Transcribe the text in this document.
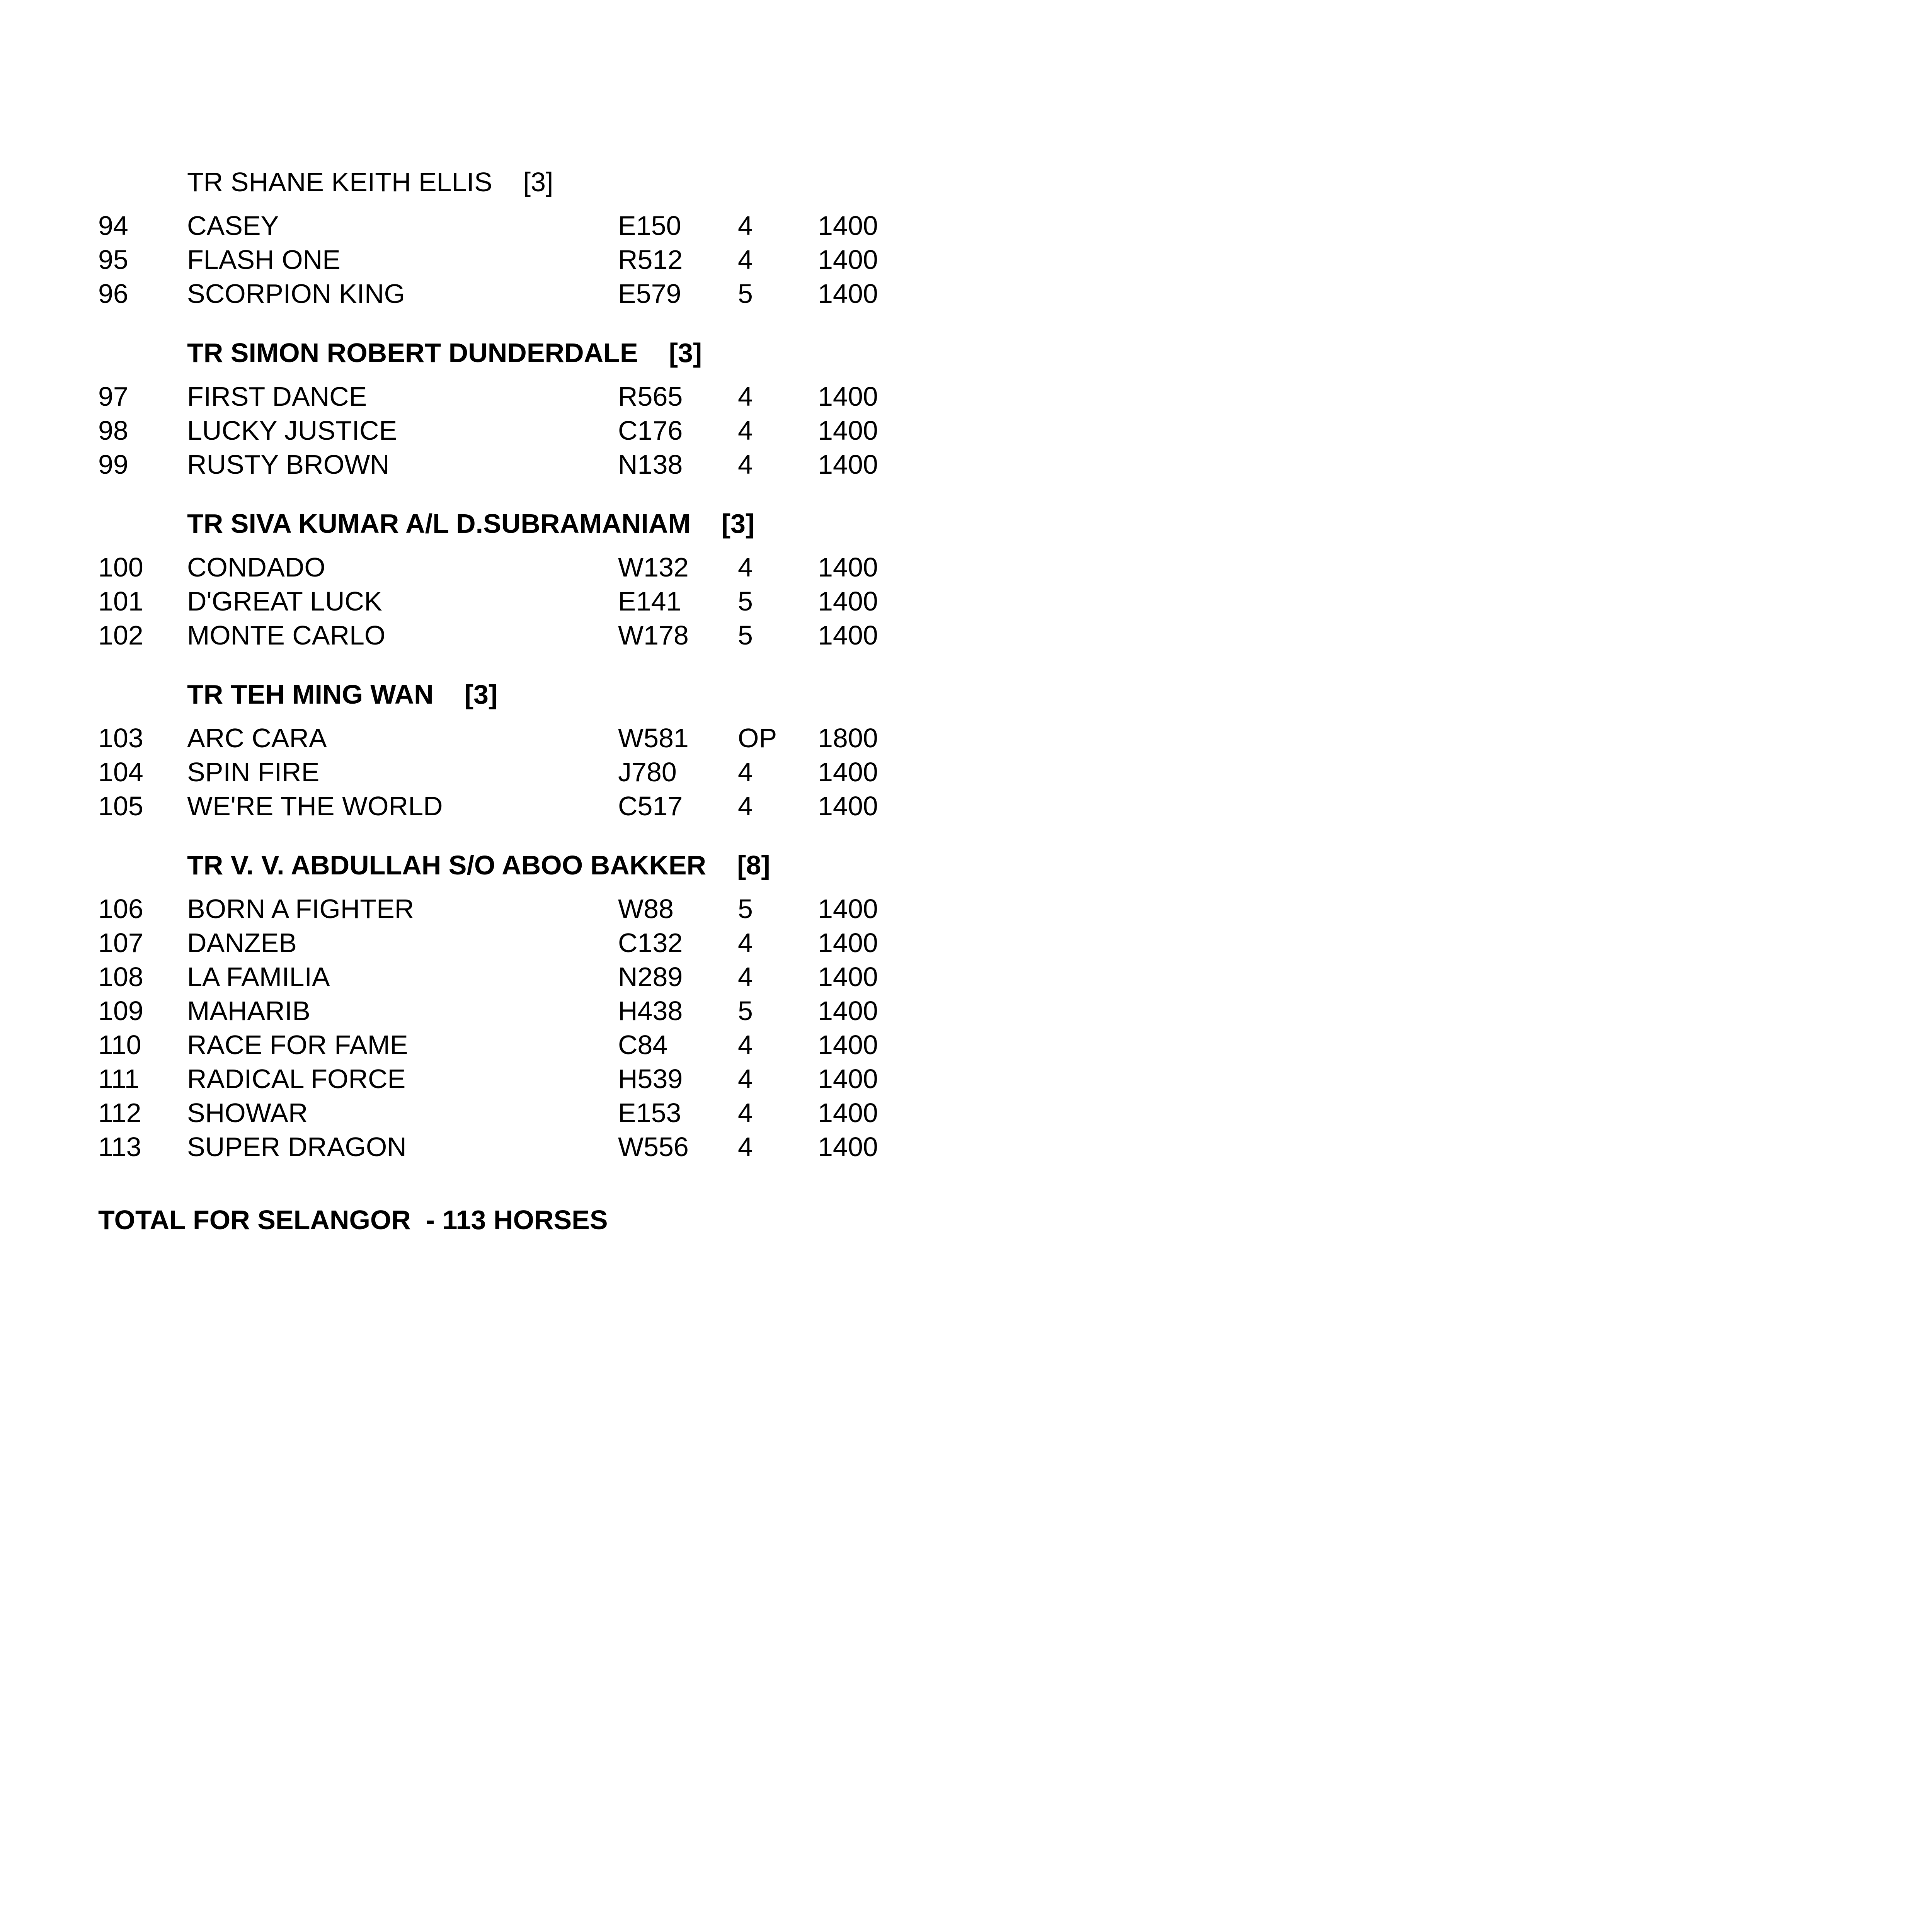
TR SHANE KEITH ELLIS [3]
94 CASEY	E150 4 1400
95 FLASH ONE	R512 4 1400
96 SCORPION KING	E579 5 1400
TR SIMON ROBERT DUNDERDALE [3]
97 FIRST DANCE	R565 4 1400
98 LUCKY JUSTICE	C176 4 1400
99 RUSTY BROWN	N138 4 1400
TR SIVA KUMAR A/L D.SUBRAMANIAM [3]
100 CONDADO	W132 4 1400
101 D'GREAT LUCK	E141 5 1400
102 MONTE CARLO	W178 5 1400
TR TEH MING WAN [3]
103 ARC CARA	W581 OP 1800
104 SPIN FIRE	J780 4 1400
105 WE'RE THE WORLD	C517 4 1400
TR V. V. ABDULLAH S/O ABOO BAKKER [8]
106 BORN A FIGHTER	W88 5 1400
107 DANZEB	C132 4 1400
108 LA FAMILIA	N289 4 1400
109 MAHARIB	H438 5 1400
110 RACE FOR FAME	C84	4 1400
111 RADICAL FORCE	H539 4 1400
112 SHOWAR	E153 4 1400
113 SUPER DRAGON	W556 4 1400
TOTAL FOR SELANGOR  - 113 HORSES
